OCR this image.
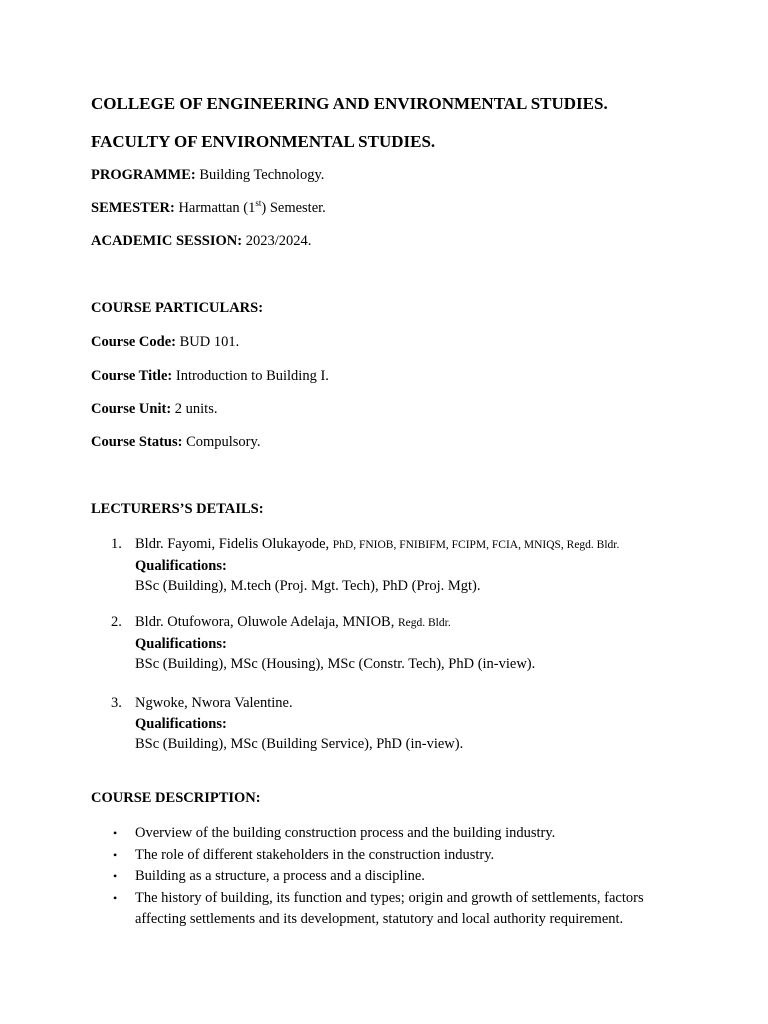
COLLEGE OF ENGINEERING AND ENVIRONMENTAL STUDIES.
FACULTY OF ENVIRONMENTAL STUDIES.
PROGRAMME: Building Technology.
SEMESTER: Harmattan (1st) Semester.
ACADEMIC SESSION: 2023/2024.
COURSE PARTICULARS:
Course Code: BUD 101.
Course Title: Introduction to Building I.
Course Unit: 2 units.
Course Status: Compulsory.
LECTURERS’S DETAILS:
1. Bldr. Fayomi, Fidelis Olukayode, PhD, FNIOB, FNIBIFM, FCIPM, FCIA, MNIQS, Regd. Bldr.
Qualifications:
BSc (Building), M.tech (Proj. Mgt. Tech), PhD (Proj. Mgt).
2. Bldr. Otufowora, Oluwole Adelaja, MNIOB, Regd. Bldr.
Qualifications:
BSc (Building), MSc (Housing), MSc (Constr. Tech), PhD (in-view).
3. Ngwoke, Nwora Valentine.
Qualifications:
BSc (Building), MSc (Building Service), PhD (in-view).
COURSE DESCRIPTION:
• Overview of the building construction process and the building industry.
• The role of different stakeholders in the construction industry.
• Building as a structure, a process and a discipline.
• The history of building, its function and types; origin and growth of settlements, factors affecting settlements and its development, statutory and local authority requirement.
